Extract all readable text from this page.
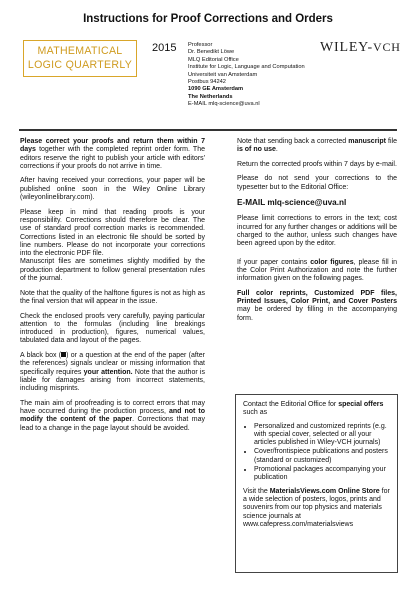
Instructions for Proof Corrections and Orders
MATHEMATICAL
LOGIC QUARTERLY
2015 Professor
Dr. Benedikt Löwe
MLQ Editorial Office
Institute for Logic, Language and Computation
Universiteit van Amsterdam
Postbus 94242
1090 GE Amsterdam
The Netherlands
E-MAIL mlq-science@uva.nl
WILEY-VCH

Please correct your proofs and return them within 7 days together with the completed reprint order form. The editors reserve the right to publish your article with editors' corrections if your proofs do not arrive in time.

After having received your corrections, your paper will be published online soon in the Wiley Online Library (wileyonlinelibrary.com).

Please keep in mind that reading proofs is your responsibility. Corrections should therefore be clear. The use of standard proof correction marks is recommended. Corrections listed in an electronic file should be sorted by line numbers. Please do not incorporate your corrections into the electronic PDF file.

Manuscript files are sometimes slightly modified by the production department to follow general presentation rules of the journal.

Note that the quality of the halftone figures is not as high as the final version that will appear in the issue.

Check the enclosed proofs very carefully, paying particular attention to the formulas (including line breakings introduced in production), figures, numerical values, tabulated data and layout of the pages.

A black box ( ) or a question at the end of the paper (after the references) signals unclear or missing information that specifically requires your attention. Note that the author is liable for damages arising from incorrect statements, including misprints.

The main aim of proofreading is to correct errors that may have occurred during the production process, and not to modify the content of the paper. Corrections that may lead to a change in the page layout should be avoided.

Note that sending back a corrected manuscript file is of no use.

Return the corrected proofs within 7 days by e-mail.

Please do not send your corrections to the typesetter but to the Editorial Office:

E-MAIL mlq-science@uva.nl

Please limit corrections to errors in the text; cost incurred for any further changes or additions will be charged to the author, unless such changes have been agreed upon by the editor.

If your paper contains color figures, please fill in the Color Print Authorization and note the further information given on the following pages.

Full color reprints, Customized PDF files, Printed Issues, Color Print, and Cover Posters may be ordered by filling in the accompanying form.

Contact the Editorial Office for special offers such as

• Personalized and customized reprints (e.g. with special cover, selected or all your articles published in Wiley-VCH journals)
• Cover/frontispiece publications and posters (standard or customized)
• Promotional packages accompanying your publication

Visit the MaterialsViews.com Online Store for a wide selection of posters, logos, prints and souvenirs from our top physics and materials science journals at www.cafepress.com/materialsviews
